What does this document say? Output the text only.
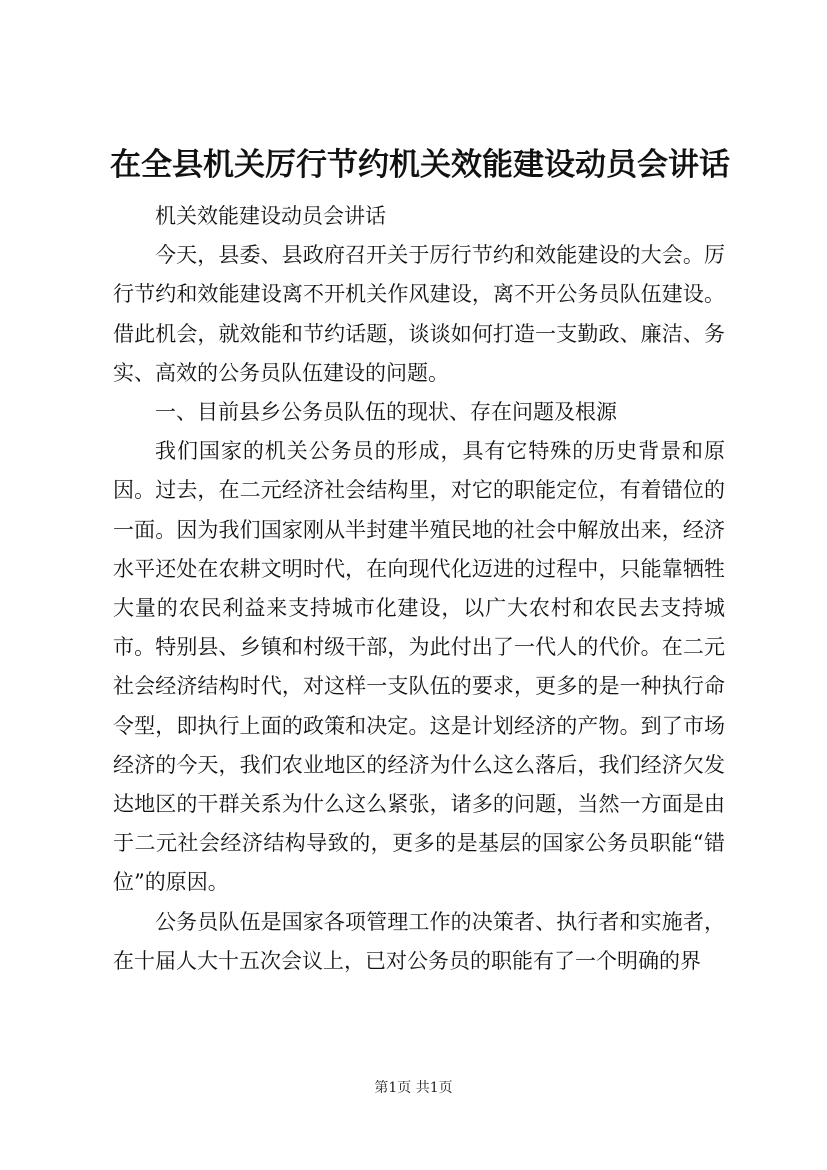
在全县机关厉行节约机关效能建设动员会讲话

机关效能建设动员会讲话

今天，县委、县政府召开关于厉行节约和效能建设的大会。厉行节约和效能建设离不开机关作风建设，离不开公务员队伍建设。借此机会，就效能和节约话题，谈谈如何打造一支勤政、廉洁、务实、高效的公务员队伍建设的问题。

一、目前县乡公务员队伍的现状、存在问题及根源

我们国家的机关公务员的形成，具有它特殊的历史背景和原因。过去，在二元经济社会结构里，对它的职能定位，有着错位的一面。因为我们国家刚从半封建半殖民地的社会中解放出来，经济水平还处在农耕文明时代，在向现代化迈进的过程中，只能靠牺牲大量的农民利益来支持城市化建设，以广大农村和农民去支持城市。特别县、乡镇和村级干部，为此付出了一代人的代价。在二元社会经济结构时代，对这样一支队伍的要求，更多的是一种执行命令型，即执行上面的政策和决定。这是计划经济的产物。到了市场经济的今天，我们农业地区的经济为什么这么落后，我们经济欠发达地区的干群关系为什么这么紧张，诸多的问题，当然一方面是由于二元社会经济结构导致的，更多的是基层的国家公务员职能“错位”的原因。

公务员队伍是国家各项管理工作的决策者、执行者和实施者，在十届人大十五次会议上，已对公务员的职能有了一个明确的界

第1页 共1页
